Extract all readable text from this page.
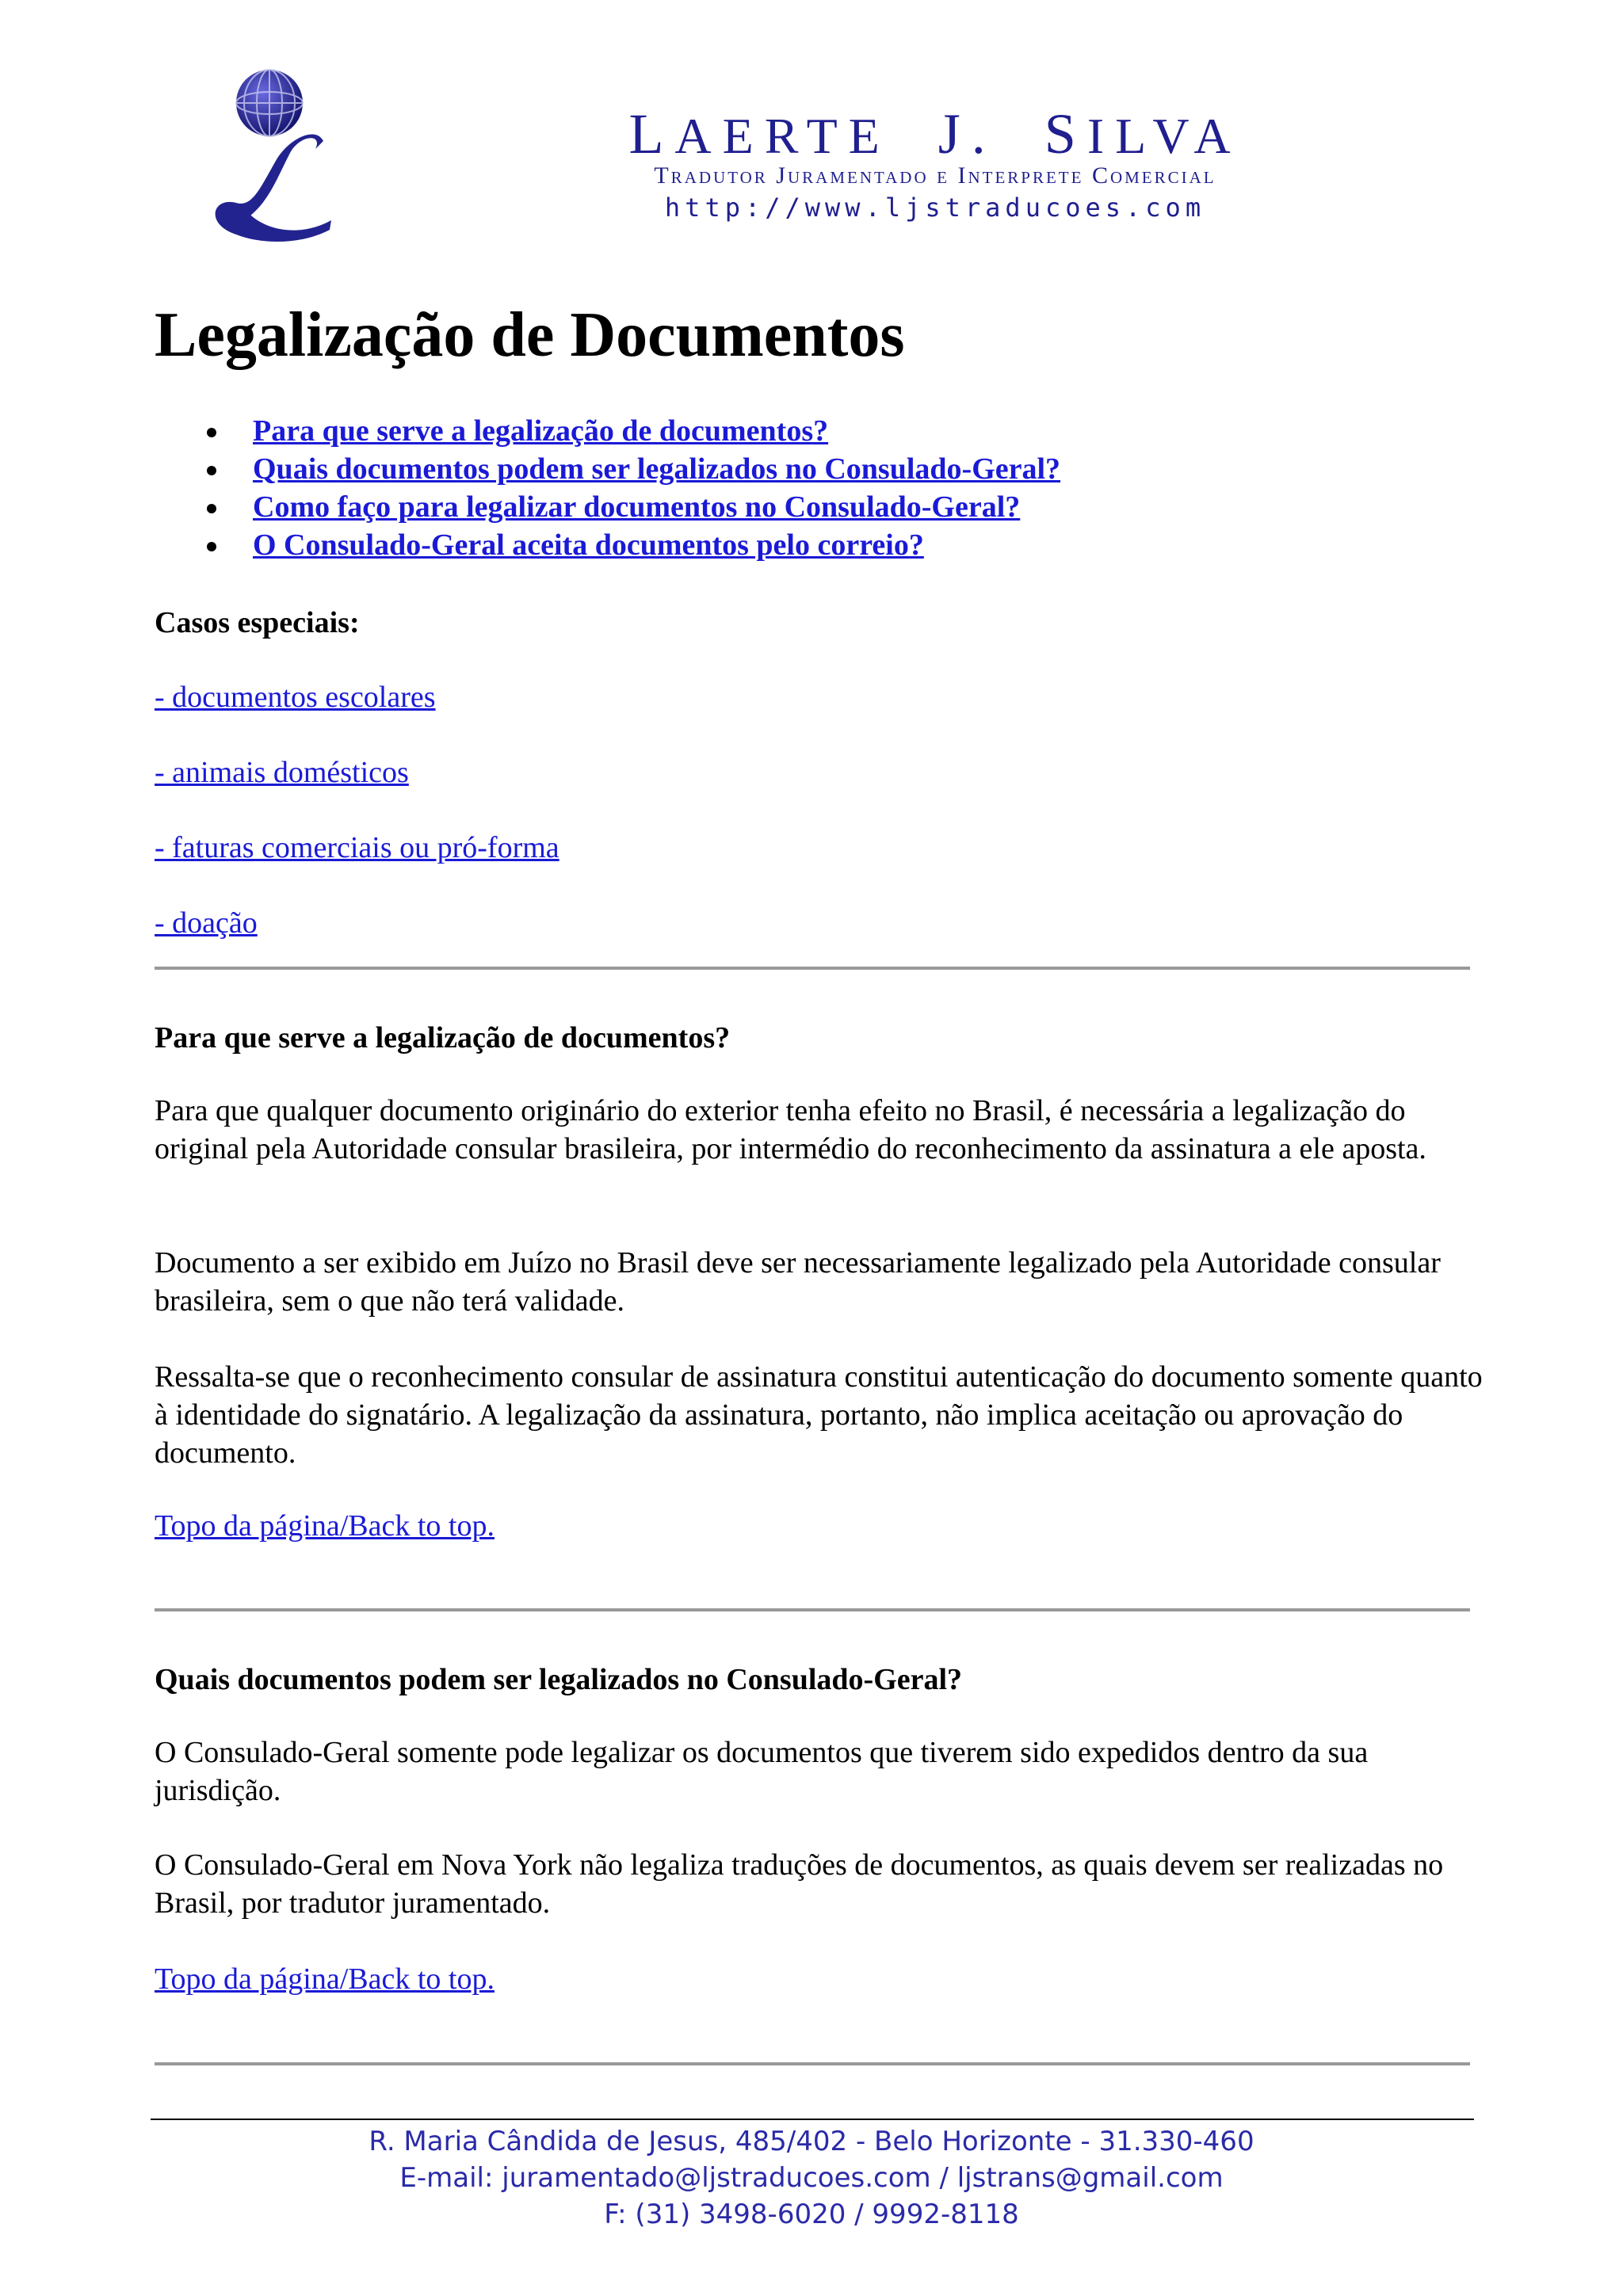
LAERTE J. SILVA
Tradutor Juramentado e Interprete Comercial
http://www.ljstraducoes.com
Legalização de Documentos
Para que serve a legalização de documentos?
Quais documentos podem ser legalizados no Consulado-Geral?
Como faço para legalizar documentos no Consulado-Geral?
O Consulado-Geral aceita documentos pelo correio?
Casos especiais:
- documentos escolares
- animais domésticos
- faturas comerciais ou pró-forma
- doação
Para que serve a legalização de documentos?

Para que qualquer documento originário do exterior tenha efeito no Brasil, é necessária a legalização do original pela Autoridade consular brasileira, por intermédio do reconhecimento da assinatura a ele aposta.

Documento a ser exibido em Juízo no Brasil deve ser necessariamente legalizado pela Autoridade consular brasileira, sem o que não terá validade.

Ressalta-se que o reconhecimento consular de assinatura constitui autenticação do documento somente quanto à identidade do signatário. A legalização da assinatura, portanto, não implica aceitação ou aprovação do documento.

Topo da página/Back to top.
Quais documentos podem ser legalizados no Consulado-Geral?

O Consulado-Geral somente pode legalizar os documentos que tiverem sido expedidos dentro da sua jurisdição.

O Consulado-Geral em Nova York não legaliza traduções de documentos, as quais devem ser realizadas no Brasil, por tradutor juramentado.

Topo da página/Back to top.
R. Maria Cândida de Jesus, 485/402 - Belo Horizonte - 31.330-460
E-mail: juramentado@ljstraducoes.com / ljstrans@gmail.com
F: (31) 3498-6020 / 9992-8118
